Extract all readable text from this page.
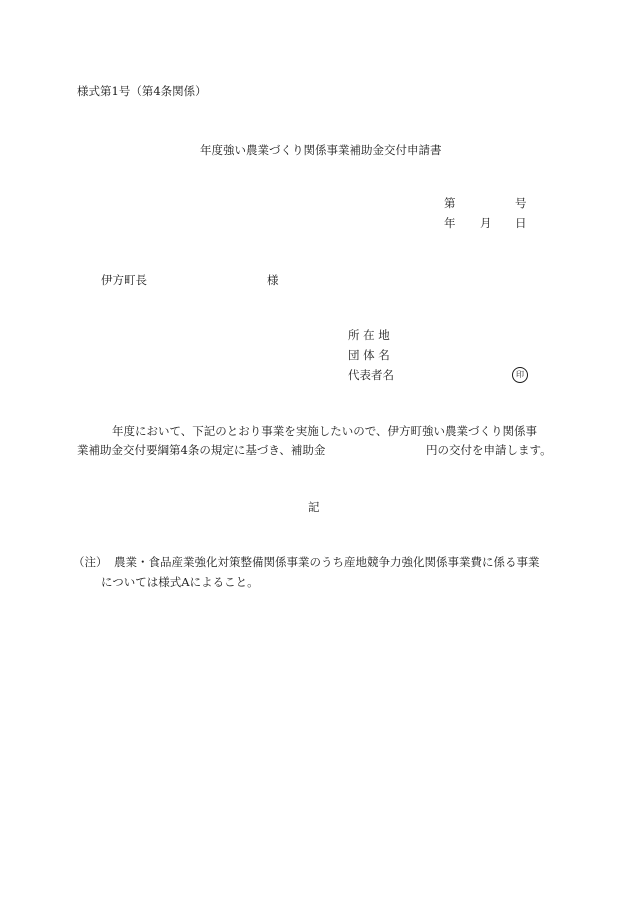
様式第1号（第4条関係）
年度強い農業づくり関係事業補助金交付申請書
第	号
年 月 日
伊方町長	様
所 在 地
団 体 名
代表者名	印
年度において、下記のとおり事業を実施したいので、伊方町強い農業づくり関係事
業補助金交付要綱第4条の規定に基づき、補助金	円の交付を申請します。
記
（注） 農業・食品産業強化対策整備関係事業のうち産地競争力強化関係事業費に係る事業
については様式Aによること。
